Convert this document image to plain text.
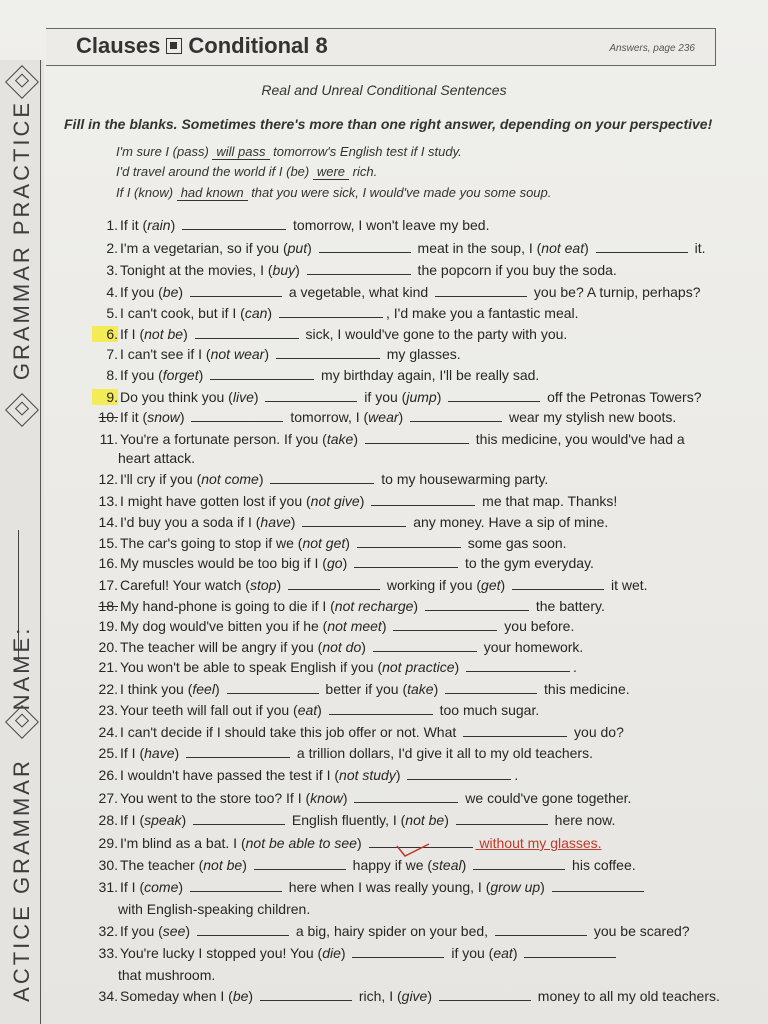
GRAMMAR PRACTICE
NAME:
ACTICE GRAMMAR
Clauses Conditional 8	Answers, page 236
Real and Unreal Conditional Sentences
Fill in the blanks. Sometimes there's more than one right answer, depending on your perspective!
I'm sure I (pass) will pass tomorrow's English test if I study.
I'd travel around the world if I (be) were rich.
If I (know) had known that you were sick, I would've made you some soup.
1. If it (rain)	tomorrow, I won't leave my bed.
2. I'm a vegetarian, so if you (put)	meat in the soup, I (not eat)	it.
3. Tonight at the movies, I (buy)	the popcorn if you buy the soda.
4. If you (be)	a vegetable, what kind	you be? A turnip, perhaps?
5. I can't cook, but if I (can)	, I'd make you a fantastic meal.
6. If I (not be)	sick, I would've gone to the party with you.
7. I can't see if I (not wear)	my glasses.
8. If you (forget)	my birthday again, I'll be really sad.
9. Do you think you (live)	if you (jump)	off the Petronas Towers?
10. If it (snow)	tomorrow, I (wear)	wear my stylish new boots.
11. You're a fortunate person. If you (take)	this medicine, you would've had a
heart attack.
12. I'll cry if you (not come)	to my housewarming party.
13. I might have gotten lost if you (not give)	me that map. Thanks!
14. I'd buy you a soda if I (have)	any money. Have a sip of mine.
15. The car's going to stop if we (not get)	some gas soon.
16. My muscles would be too big if I (go)	to the gym everyday.
17. Careful! Your watch (stop)	working if you (get)	it wet.
18. My hand-phone is going to die if I (not recharge)	the battery.
19. My dog would've bitten you if he (not meet)	you before.
20. The teacher will be angry if you (not do)	your homework.
21. You won't be able to speak English if you (not practice)	.
22. I think you (feel)	better if you (take)	this medicine.
23. Your teeth will fall out if you (eat)	too much sugar.
24. I can't decide if I should take this job offer or not. What	you do?
25. If I (have)	a trillion dollars, I'd give it all to my old teachers.
26. I wouldn't have passed the test if I (not study)	.
27. You went to the store too? If I (know)	we could've gone together.
28. If I (speak)	English fluently, I (not be)	here now.
29. I'm blind as a bat. I (not be able to see)	without my glasses.
30. The teacher (not be)	happy if we (steal)	his coffee.
31. If I (come)	here when I was really young, I (grow up)
with English-speaking children.
32. If you (see)	a big, hairy spider on your bed,	you be scared?
33. You're lucky I stopped you! You (die)	if you (eat)
that mushroom.
34. Someday when I (be)	rich, I (give)	money to all my old teachers.
